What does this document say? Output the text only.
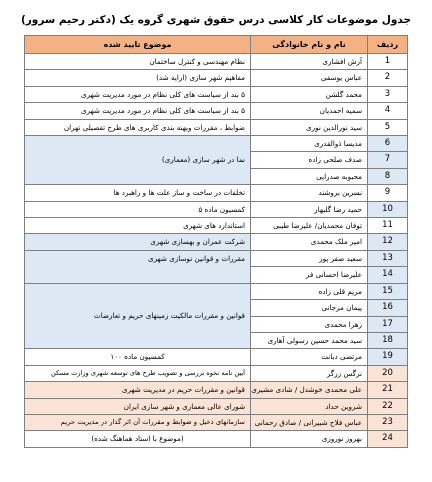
جدول موضوعات کار کلاسی درس حقوق شهری گروه یک (دکتر رحیم سرور)
ردیف	نام و نام خانوادگی	موضوع تایید شده
1	آرش افشاری	نظام مهندسی و کنترل ساختمان
2	عباس یوسفی	مفاهیم شهر سازی (ارایه شد)
3	محمد گلشن	۵ بند از سیاست های کلی نظام در مورد مدیریت شهری
4	سمیه احمدیان	۵ بند از سیاست های کلی نظام در مورد مدیریت شهری
5	سید نورالدین نوری	ضوابط ، مقررات وبهنه بندی کاربری های طرح تفصیلی تهران
6	مدیسا ذوالقدری	نما در شهر سازی (معماری)
7	صدف صلحی زاده	
8	محبوبه صدرایی	
9	نسرین بروشند	تخلفات در ساخت و ساز علت ها و راهبرد ها
10	حمید رضا گلبهار	کمسیون ماده ۵
11	توفان محمدیان/ علیرضا طیبی	استاندارد های شهری
12	امیر ملک محمدی	شرکت عمران و بهسازی شهری
13	سعید صفر پور	مقررات و قوانین نوسازی شهری
14	علیرضا احسانی فر	
15	مریم قلی زاده	قوانین و مقررات مالکیت زمینهای حریم و تعارضات
16	پیمان مرجانی	
17	زهرا محمدی	
18	سید محمد حسین رسولی آهاری	
19	مرتضی دیانت	کمسیون ماده ۱۰۰
20	نرگس زرگر	آیین نامه نحوه بررسی و تصویب طرح های توسعه شهری وزارت مسکن
21	علی محمدی خوشدل / شادی مشیری	قوانین و مقررات حریم در مدیریت شهری
22	شروین حداد	شورای عالی معماری و شهر سازی ایران
23	عباس فلاح شبیرانی / صادق رحمانی	سازمانهای ذخیل و ضوابط و مقررات آن اثر گذار در مدیریت حریم
24	بهروز نوروزی	(موضوع با استاد هماهنگ شده)
